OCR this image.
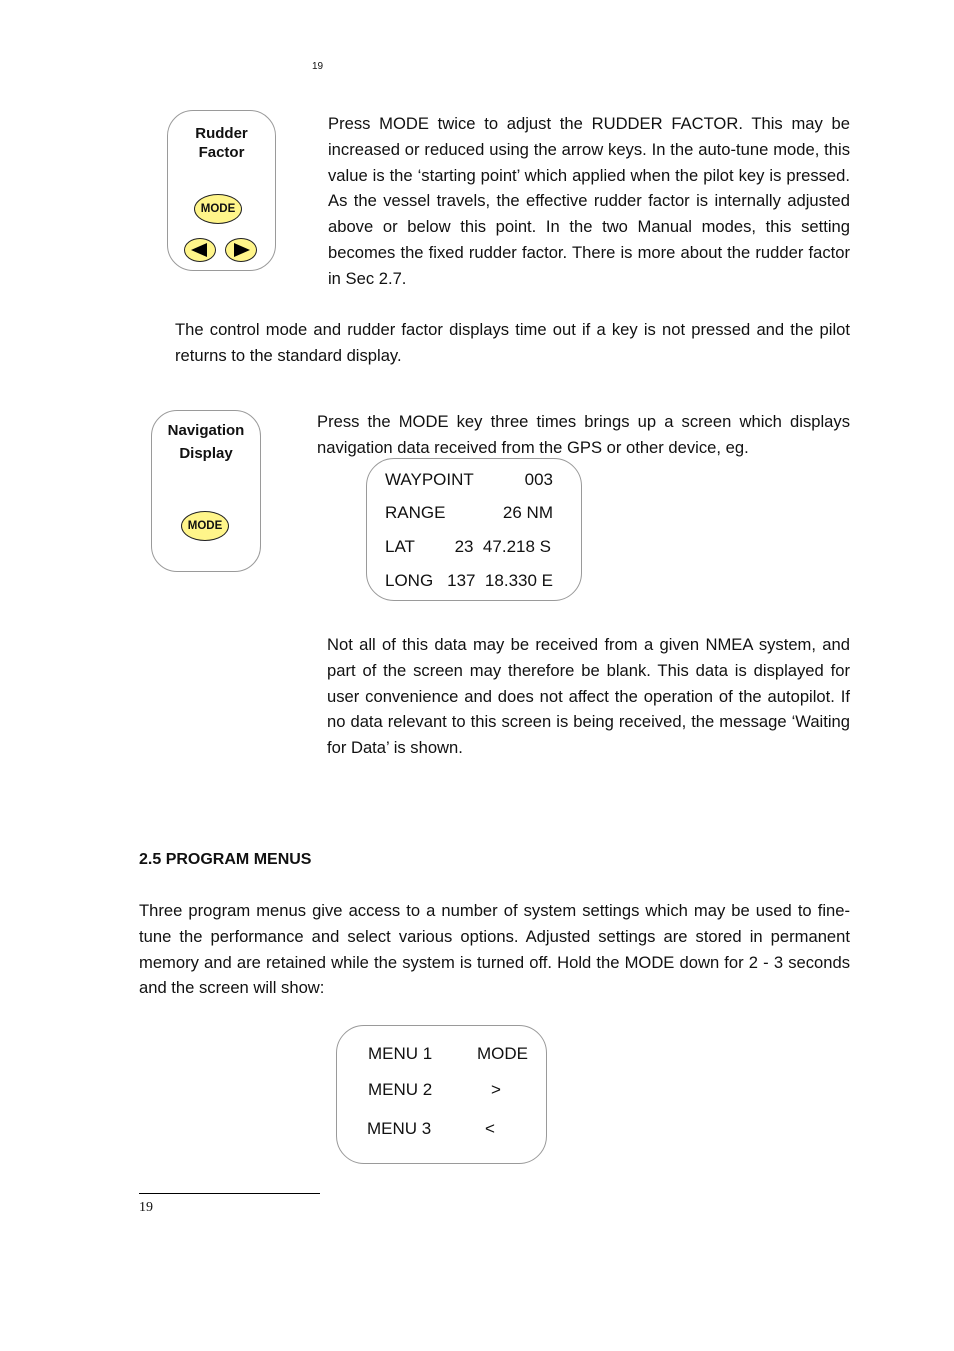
19
Rudder
Factor
MODE

Press MODE twice to adjust the RUDDER FACTOR. This may be increased or reduced using the arrow keys. In the auto-tune mode, this value is the ‘starting point’ which applied when the pilot key is pressed. As the vessel travels, the effective rudder factor is internally adjusted above or below this point. In the two Manual modes, this setting becomes the fixed rudder factor. There is more about the rudder factor in Sec 2.7.

The control mode and rudder factor displays time out if a key is not pressed and the pilot returns to the standard display.

Navigation
Display
MODE

Press the MODE key three times brings up a screen which displays navigation data received from the GPS or other device, eg.

WAYPOINT	003
RANGE	26 NM
LAT 23  47.218 S
LONG 137  18.330 E

Not all of this data may be received from a given NMEA system, and part of the screen may therefore be blank. This data is displayed for user convenience and does not affect the operation of the autopilot. If no data relevant to this screen is being received, the message ‘Waiting for Data’ is shown.

2.5 PROGRAM MENUS

Three program menus give access to a number of system settings which may be used to fine-tune the performance and select various options. Adjusted settings are stored in permanent memory and are retained while the system is turned off. Hold the MODE down for 2 - 3 seconds and the screen will show:

MENU 1	MODE
MENU 2	>
MENU 3	<
19
